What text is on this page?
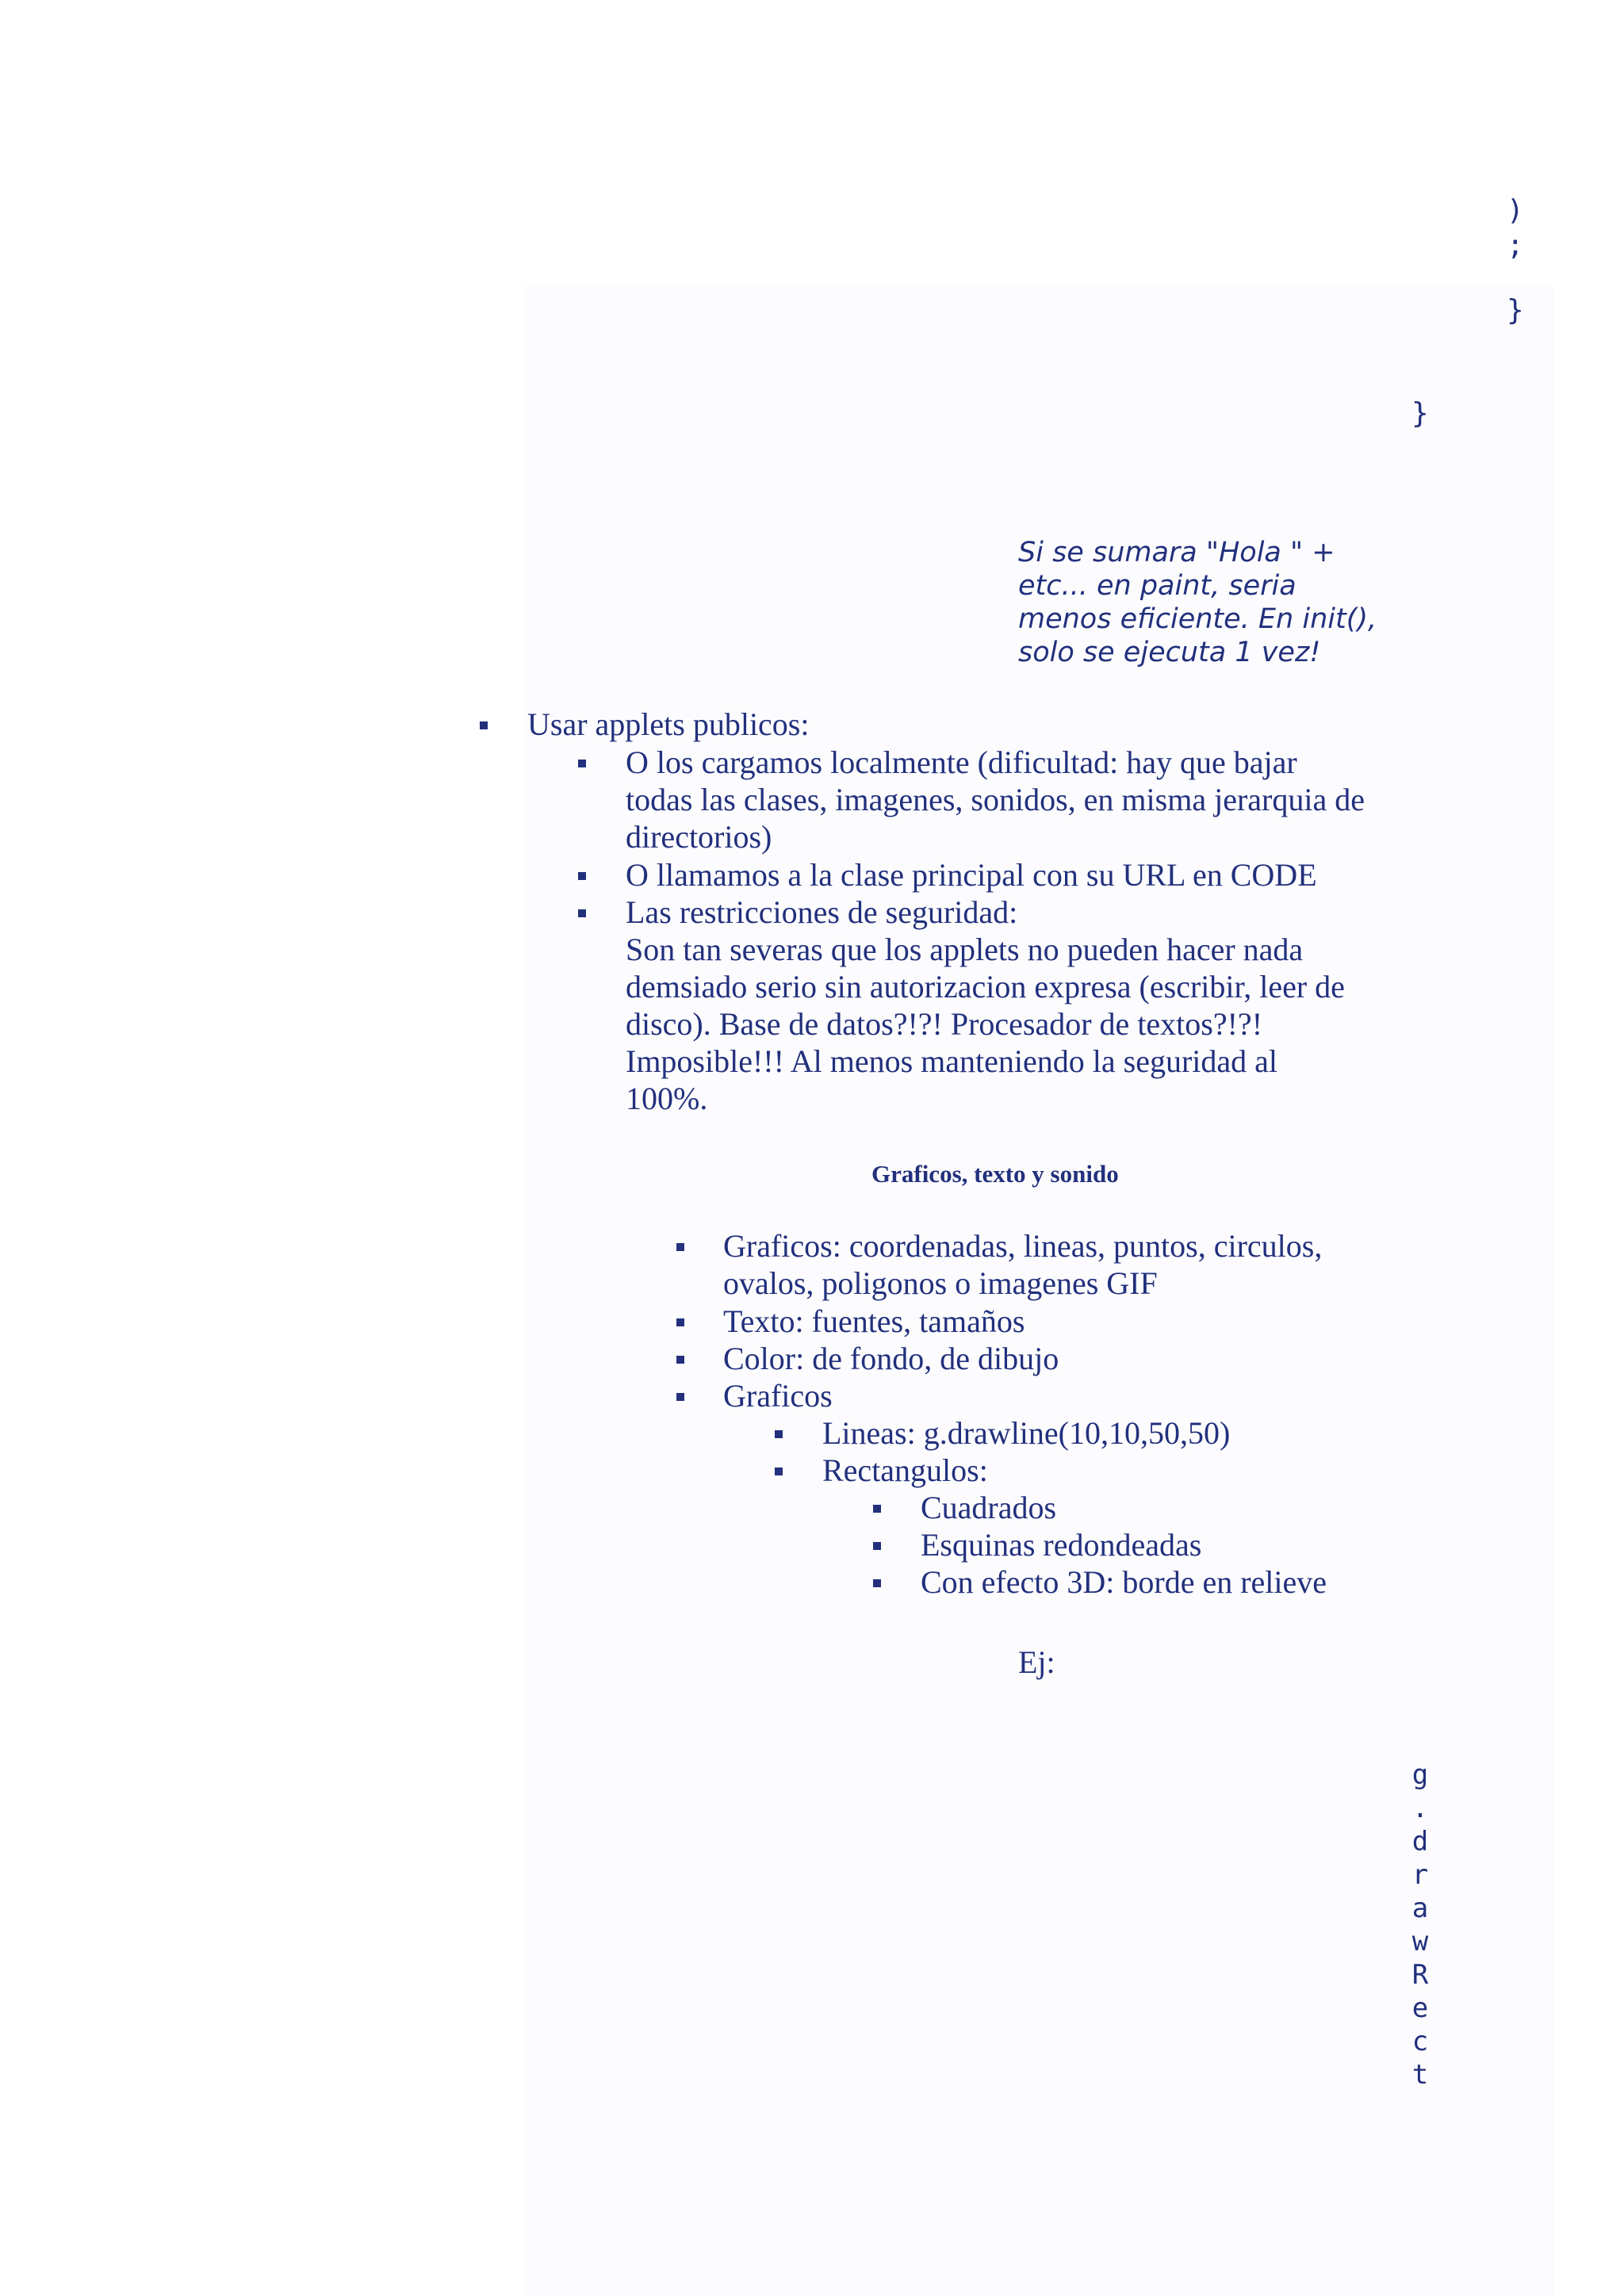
)
;
}
}
Si se sumara "Hola " +
etc... en paint, seria
menos eficiente. En init(),
solo se ejecuta 1 vez!
Usar applets publicos:
O los cargamos localmente (dificultad: hay que bajar
todas las clases, imagenes, sonidos, en misma jerarquia de
directorios)
O llamamos a la clase principal con su URL en CODE
Las restricciones de seguridad:
Son tan severas que los applets no pueden hacer nada
demsiado serio sin autorizacion expresa (escribir, leer de
disco). Base de datos?!?! Procesador de textos?!?!
Imposible!!! Al menos manteniendo la seguridad al
100%.
Graficos, texto y sonido
Graficos: coordenadas, lineas, puntos, circulos,
ovalos, poligonos o imagenes GIF
Texto: fuentes, tamaños
Color: de fondo, de dibujo
Graficos
Lineas: g.drawline(10,10,50,50)
Rectangulos:
Cuadrados
Esquinas redondeadas
Con efecto 3D: borde en relieve
Ej:
g
.
d
r
a
w
R
e
c
t
